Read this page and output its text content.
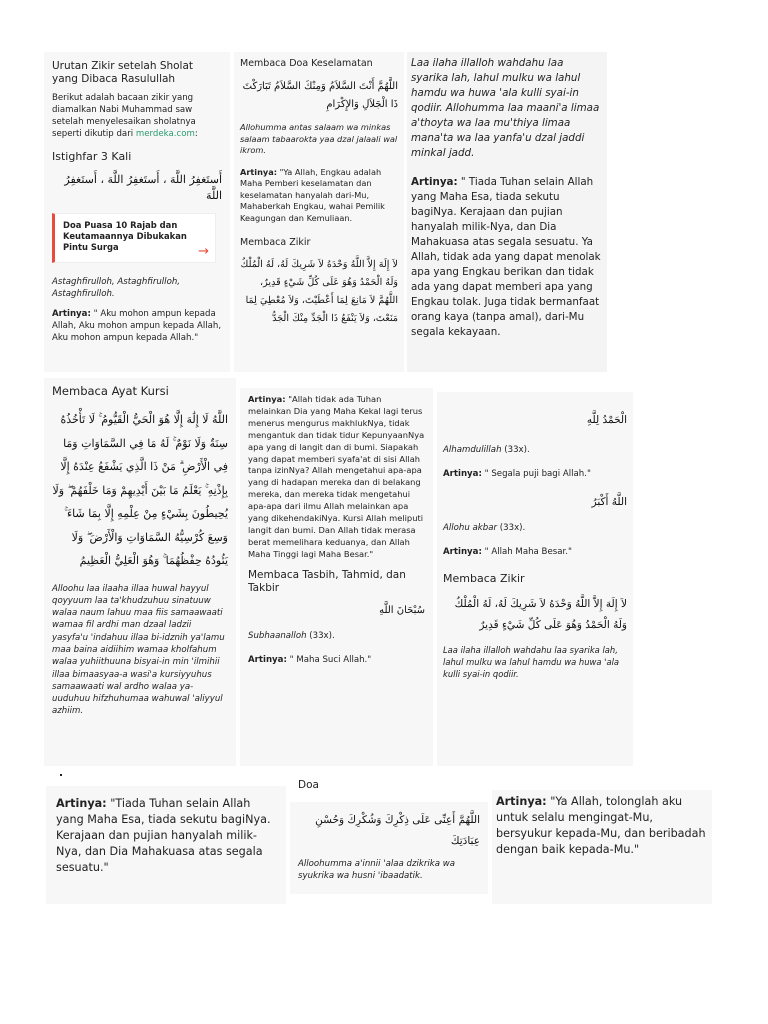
Urutan Zikir setelah Sholat yang Dibaca Rasulullah

Berikut adalah bacaan zikir yang diamalkan Nabi Muhammad saw setelah menyelesaikan sholatnya seperti dikutip dari merdeka.com:

Istighfar 3 Kali

أَستَغفِرُ اللَّهَ ، أَستَغفِرُ اللَّهَ ، أَستَغفِرُ اللَّهَ

Doa Puasa 10 Rajab dan Keutamaannya Dibukakan Pintu Surga	→

Astaghfirulloh, Astaghfirulloh, Astaghfirulloh.

Artinya: " Aku mohon ampun kepada Allah, Aku mohon ampun kepada Allah, Aku mohon ampun kepada Allah."

Membaca Doa Keselamatan

اللَّهُمَّ أَنْتَ السَّلاَمُ وَمِنْكَ السَّلاَمُ تَبَارَكْتَ ذَا الْجَلاَلِ وَالإِكْرَامِ

Allohumma antas salaam wa minkas salaam tabaarokta yaa dzal jalaali wal ikrom.

Artinya: "Ya Allah, Engkau adalah Maha Pemberi keselamatan dan keselamatan hanyalah dari-Mu, Mahaberkah Engkau, wahai Pemilik Keagungan dan Kemuliaan.

Membaca Zikir

لاَ إِلَهَ إِلاَّ اللَّهُ وَحْدَهُ لاَ شَرِيكَ لَهُ، لَهُ الْمُلْكُ وَلَهُ الْحَمْدُ وَهُوَ عَلَى كُلِّ شَيْءٍ قَدِيرٌ، اللَّهُمَّ لاَ مَانِعَ لِمَا أَعْطَيْتَ، وَلاَ مُعْطِيَ لِمَا مَنَعْتَ، وَلاَ يَنْفَعُ ذَا الْجَدِّ مِنْكَ الْجَدُّ

Laa ilaha illalloh wahdahu laa syarika lah, lahul mulku wa lahul hamdu wa huwa 'ala kulli syai-in qodiir. Allohumma laa maani'a limaa a'thoyta wa laa mu'thiya limaa mana'ta wa laa yanfa'u dzal jaddi minkal jadd.

Artinya: " Tiada Tuhan selain Allah yang Maha Esa, tiada sekutu bagiNya. Kerajaan dan pujian hanyalah milik-Nya, dan Dia Mahakuasa atas segala sesuatu. Ya Allah, tidak ada yang dapat menolak apa yang Engkau berikan dan tidak ada yang dapat memberi apa yang Engkau tolak. Juga tidak bermanfaat orang kaya (tanpa amal), dari-Mu segala kekayaan.

Membaca Ayat Kursi

اللَّهُ لَا إِلَٰهَ إِلَّا هُوَ الْحَيُّ الْقَيُّومُ ۚ لَا تَأْخُذُهُ سِنَةٌ وَلَا نَوْمٌ ۚ لَهُ مَا فِي السَّمَاوَاتِ وَمَا فِي الْأَرْضِ ۗ مَنْ ذَا الَّذِي يَشْفَعُ عِنْدَهُ إِلَّا بِإِذْنِهِ ۚ يَعْلَمُ مَا بَيْنَ أَيْدِيهِمْ وَمَا خَلْفَهُمْ ۖ وَلَا يُحِيطُونَ بِشَيْءٍ مِنْ عِلْمِهِ إِلَّا بِمَا شَاءَ ۚ وَسِعَ كُرْسِيُّهُ السَّمَاوَاتِ وَالْأَرْضَ ۖ وَلَا يَئُودُهُ حِفْظُهُمَا ۚ وَهُوَ الْعَلِيُّ الْعَظِيمُ

Alloohu laa ilaaha illaa huwal hayyul qoyyuum laa ta'khudzuhuu sinatuuw walaa naum lahuu maa fiis samaawaati wamaa fil ardhi man dzaal ladzii yasyfa'u 'indahuu illaa bi-idznih ya'lamu maa baina aidiihim wamaa kholfahum walaa yuhiithuuna bisyai-in min 'ilmihii illaa bimaasyaa-a wasi'a kursiyyuhus samaawaati wal ardho walaa ya-uuduhuu hifzhuhumaa wahuwal 'aliyyul azhiim.

Artinya: "Allah tidak ada Tuhan melainkan Dia yang Maha Kekal lagi terus menerus mengurus makhlukNya, tidak mengantuk dan tidak tidur KepunyaanNya apa yang di langit dan di bumi. Siapakah yang dapat memberi syafa'at di sisi Allah tanpa izinNya? Allah mengetahui apa-apa yang di hadapan mereka dan di belakang mereka, dan mereka tidak mengetahui apa-apa dari ilmu Allah melainkan apa yang dikehendakiNya. Kursi Allah meliputi langit dan bumi. Dan Allah tidak merasa berat memelihara keduanya, dan Allah Maha Tinggi lagi Maha Besar."

Membaca Tasbih, Tahmid, dan Takbir

سُبْحَانَ اللَّهِ

Subhaanalloh (33x).

Artinya: " Maha Suci Allah."

الْحَمْدُ لِلَّهِ

Alhamdulillah (33x).

Artinya: " Segala puji bagi Allah."

اللَّهُ أَكْبَرُ

Allohu akbar (33x).

Artinya: " Allah Maha Besar."

Membaca Zikir

لاَ إِلَهَ إِلاَّ اللَّهُ وَحْدَهُ لاَ شَرِيكَ لَهُ، لَهُ الْمُلْكُ وَلَهُ الْحَمْدُ وَهُوَ عَلَى كُلِّ شَيْءٍ قَدِيرٌ

Laa ilaha illalloh wahdahu laa syarika lah, lahul mulku wa lahul hamdu wa huwa 'ala kulli syai-in qodiir.

Artinya: "Tiada Tuhan selain Allah yang Maha Esa, tiada sekutu bagiNya. Kerajaan dan pujian hanyalah milik-Nya, dan Dia Mahakuasa atas segala sesuatu."

Doa

اللَّهُمَّ أَعِنِّى عَلَى ذِكْرِكَ وَشُكْرِكَ وَحُسْنِ عِبَادَتِكَ

Alloohumma a'innii 'alaa dzikrika wa syukrika wa husni 'ibaadatik.

Artinya: "Ya Allah, tolonglah aku untuk selalu mengingat-Mu, bersyukur kepada-Mu, dan beribadah dengan baik kepada-Mu."
